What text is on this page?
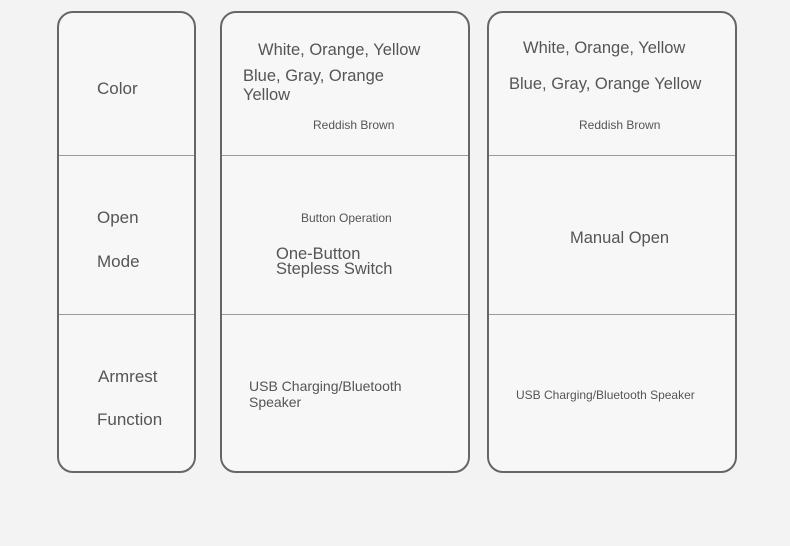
Color
Open
Mode
Armrest
Function
White, Orange, Yellow
Blue, Gray, Orange
Yellow
Reddish Brown
Button Operation
One-Button
Stepless Switch
USB Charging/Bluetooth
Speaker
White, Orange, Yellow
Blue, Gray, Orange Yellow
Reddish Brown
Manual Open
USB Charging/Bluetooth Speaker
